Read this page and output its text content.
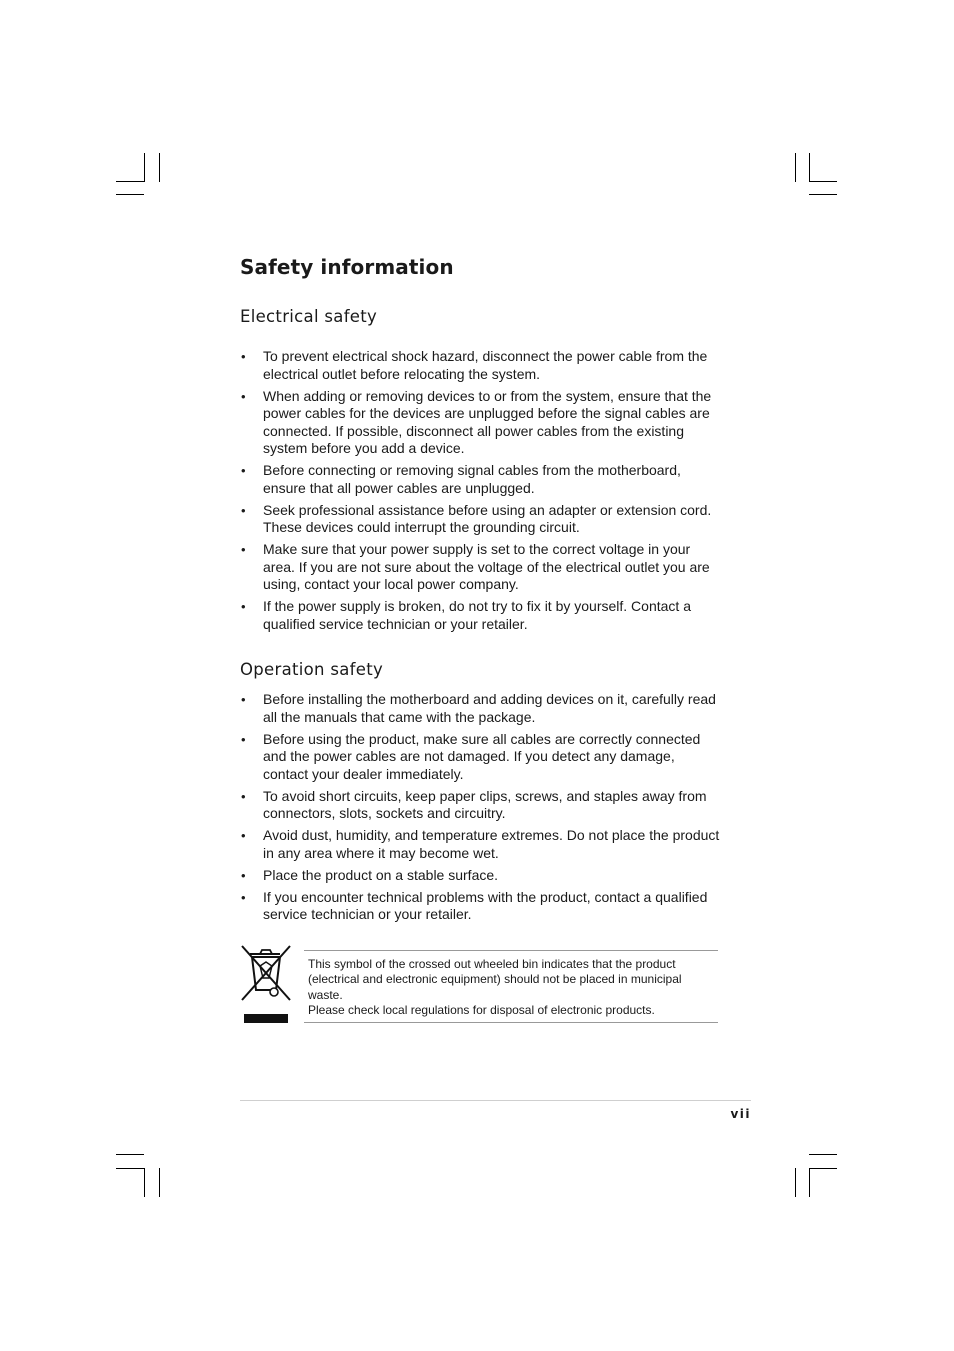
Safety information
Electrical safety
• To prevent electrical shock hazard, disconnect the power cable from the electrical outlet before relocating the system.
• When adding or removing devices to or from the system, ensure that the power cables for the devices are unplugged before the signal cables are connected. If possible, disconnect all power cables from the existing system before you add a device.
• Before connecting or removing signal cables from the motherboard, ensure that all power cables are unplugged.
• Seek professional assistance before using an adapter or extension cord. These devices could interrupt the grounding circuit.
• Make sure that your power supply is set to the correct voltage in your area. If you are not sure about the voltage of the electrical outlet you are using, contact your local power company.
• If the power supply is broken, do not try to fix it by yourself. Contact a qualified service technician or your retailer.
Operation safety
• Before installing the motherboard and adding devices on it, carefully read all the manuals that came with the package.
• Before using the product, make sure all cables are correctly connected and the power cables are not damaged. If you detect any damage, contact your dealer immediately.
• To avoid short circuits, keep paper clips, screws, and staples away from connectors, slots, sockets and circuitry.
• Avoid dust, humidity, and temperature extremes. Do not place the product in any area where it may become wet.
• Place the product on a stable surface.
• If you encounter technical problems with the product, contact a qualified service technician or your retailer.

This symbol of the crossed out wheeled bin indicates that the product (electrical and electronic equipment) should not be placed in municipal waste.

Please check local regulations for disposal of electronic products.

vii
